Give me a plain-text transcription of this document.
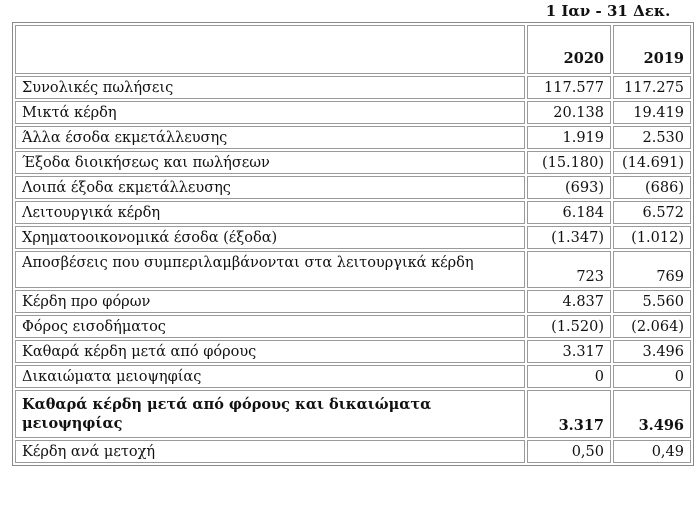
1 Ιαν - 31 Δεκ.
	2020	2019
Συνολικές πωλήσεις	117.577	117.275
Μικτά κέρδη	20.138	19.419
Άλλα έσοδα εκμετάλλευσης	1.919	2.530
Έξοδα διοικήσεως και πωλήσεων	(15.180)	(14.691)
Λοιπά έξοδα εκμετάλλευσης	(693)	(686)
Λειτουργικά κέρδη	6.184	6.572
Χρηματοοικονομικά έσοδα (έξοδα)	(1.347)	(1.012)
Αποσβέσεις που συμπεριλαμβάνονται στα λειτουργικά κέρδη	723	769
Κέρδη προ φόρων	4.837	5.560
Φόρος εισοδήματος	(1.520)	(2.064)
Καθαρά κέρδη μετά από φόρους	3.317	3.496
Δικαιώματα μειοψηφίας	0	0
Καθαρά κέρδη μετά από φόρους και δικαιώματα μειοψηφίας	3.317	3.496
Κέρδη ανά μετοχή	0,50	0,49
